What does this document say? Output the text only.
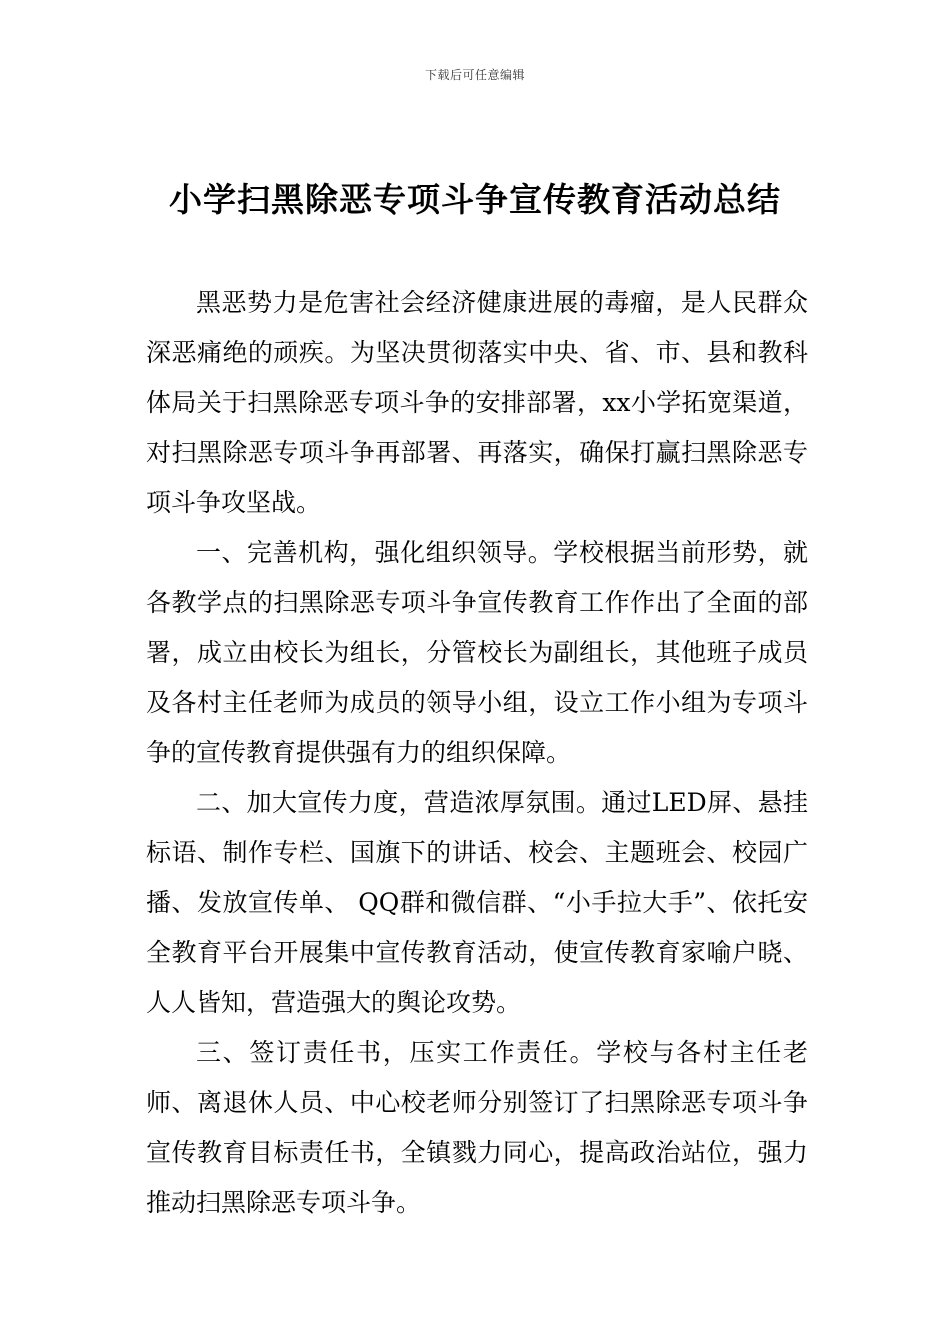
下载后可任意编辑
小学扫黑除恶专项斗争宣传教育活动总结

黑恶势力是危害社会经济健康进展的毒瘤，是人民群众深恶痛绝的顽疾。为坚决贯彻落实中央、省、市、县和教科体局关于扫黑除恶专项斗争的安排部署，xx小学拓宽渠道，对扫黑除恶专项斗争再部署、再落实，确保打赢扫黑除恶专项斗争攻坚战。

一、完善机构，强化组织领导。学校根据当前形势，就各教学点的扫黑除恶专项斗争宣传教育工作作出了全面的部署，成立由校长为组长，分管校长为副组长，其他班子成员及各村主任老师为成员的领导小组，设立工作小组为专项斗争的宣传教育提供强有力的组织保障。

二、加大宣传力度，营造浓厚氛围。通过LED屏、悬挂标语、制作专栏、国旗下的讲话、校会、主题班会、校园广播、发放宣传单、 QQ群和微信群、“小手拉大手”、依托安全教育平台开展集中宣传教育活动，使宣传教育家喻户晓、人人皆知，营造强大的舆论攻势。

三、签订责任书，压实工作责任。学校与各村主任老师、离退休人员、中心校老师分别签订了扫黑除恶专项斗争宣传教育目标责任书，全镇戮力同心，提高政治站位，强力推动扫黑除恶专项斗争。
